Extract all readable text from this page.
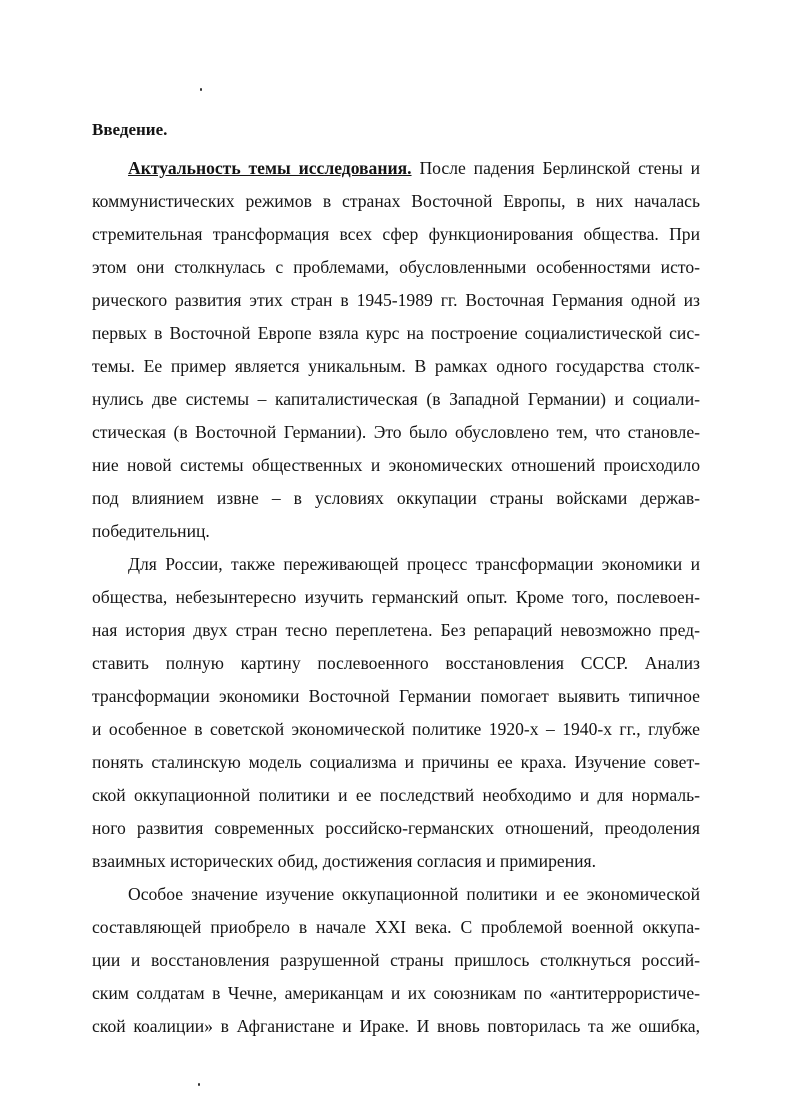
Введение.

Актуальность темы исследования. После падения Берлинской стены и

коммунистических режимов в странах Восточной Европы, в них началась

стремительная трансформация всех сфер функционирования общества. При

этом они столкнулась с проблемами, обусловленными особенностями исто-

рического развития этих стран в 1945-1989 гг. Восточная Германия одной из

первых в Восточной Европе взяла курс на построение социалистической сис-

темы. Ее пример является уникальным. В рамках одного государства столк-

нулись две системы – капиталистическая (в Западной Германии) и социали-

стическая (в Восточной Германии). Это было обусловлено тем, что становле-

ние новой системы общественных и экономических отношений происходило

под влиянием извне – в условиях оккупации страны войсками держав-

победительниц.

Для России, также переживающей процесс трансформации экономики и

общества, небезынтересно изучить германский опыт. Кроме того, послевоен-

ная история двух стран тесно переплетена. Без репараций невозможно пред-

ставить полную картину послевоенного восстановления СССР. Анализ

трансформации экономики Восточной Германии помогает выявить типичное

и особенное в советской экономической политике 1920-х – 1940-х гг., глубже

понять сталинскую модель социализма и причины ее краха. Изучение совет-

ской оккупационной политики и ее последствий необходимо и для нормаль-

ного развития современных российско-германских отношений, преодоления

взаимных исторических обид, достижения согласия и примирения.

Особое значение изучение оккупационной политики и ее экономической

составляющей приобрело в начале XXI века. С проблемой военной оккупа-

ции и восстановления разрушенной страны пришлось столкнуться россий-

ским солдатам в Чечне, американцам и их союзникам по «антитеррористиче-

ской коалиции» в Афганистане и Ираке. И вновь повторилась та же ошибка,
